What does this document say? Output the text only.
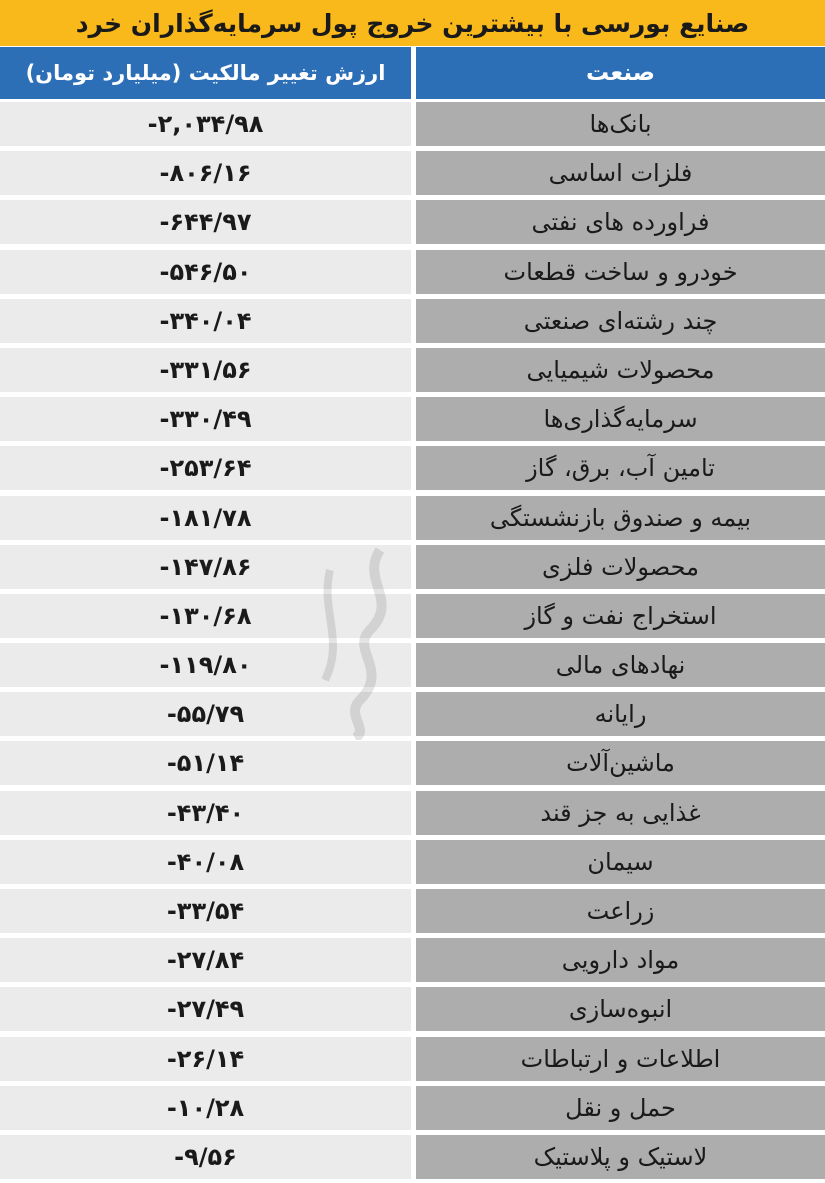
صنایع بورسی با بیشترین خروج پول سرمایه‌گذاران خرد
ارزش تغییر مالکیت (میلیارد تومان)	صنعت
-۲,۰۳۴/۹۸	بانک‌ها
-۸۰۶/۱۶	فلزات اساسی
-۶۴۴/۹۷	فراورده های نفتی
-۵۴۶/۵۰	خودرو و ساخت قطعات
-۳۴۰/۰۴	چند رشته‌ای صنعتی
-۳۳۱/۵۶	محصولات شیمیایی
-۳۳۰/۴۹	سرمایه‌گذاری‌ها
-۲۵۳/۶۴	تامین آب، برق، گاز
-۱۸۱/۷۸	بیمه و صندوق بازنشستگی
-۱۴۷/۸۶	محصولات فلزی
-۱۳۰/۶۸	استخراج نفت و گاز
-۱۱۹/۸۰	نهادهای مالی
-۵۵/۷۹	رایانه
-۵۱/۱۴	ماشین‌آلات
-۴۳/۴۰	غذایی به جز قند
-۴۰/۰۸	سیمان
-۳۳/۵۴	زراعت
-۲۷/۸۴	مواد دارویی
-۲۷/۴۹	انبوه‌سازی
-۲۶/۱۴	اطلاعات و ارتباطات
-۱۰/۲۸	حمل و نقل
-۹/۵۶	لاستیک و پلاستیک
